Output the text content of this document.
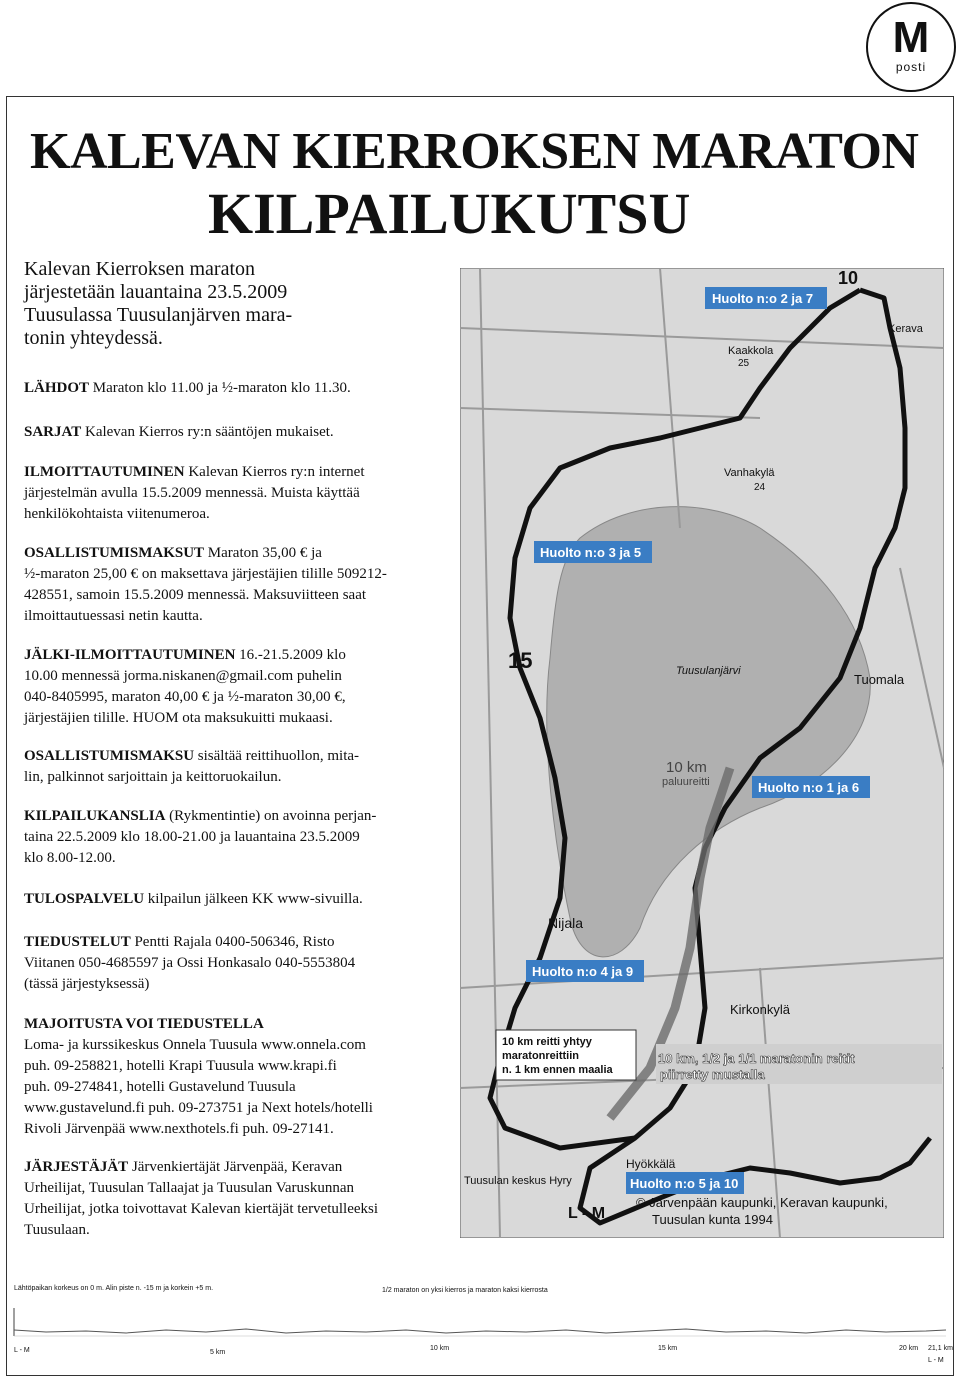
M
posti
KALEVAN KIERROKSEN MARATON
KILPAILUKUTSU
Kalevan Kierroksen maraton
järjestetään lauantaina 23.5.2009
Tuusulassa Tuusulanjärven mara-
tonin yhteydessä.
LÄHDOT Maraton klo 11.00 ja ½-maraton klo 11.30.
SARJAT Kalevan Kierros ry:n sääntöjen mukaiset.
ILMOITTAUTUMINEN Kalevan Kierros ry:n internet
järjestelmän avulla 15.5.2009 mennessä. Muista käyttää
henkilökohtaista viitenumeroa.
OSALLISTUMISMAKSUT Maraton 35,00 € ja
½-maraton 25,00 € on maksettava järjestäjien tilille 509212-
428551, samoin 15.5.2009 mennessä. Maksuviitteen saat
ilmoittautuessasi netin kautta.
JÄLKI-ILMOITTAUTUMINEN 16.-21.5.2009 klo
10.00 mennessä jorma.niskanen@gmail.com puhelin
040-8405995, maraton 40,00 € ja ½-maraton 30,00 €,
järjestäjien tilille. HUOM ota maksukuitti mukaasi.
OSALLISTUMISMAKSU sisältää reittihuollon, mita-
lin, palkinnot sarjoittain ja keittoruokailun.
KILPAILUKANSLIA (Rykmentintie) on avoinna perjan-
taina 22.5.2009 klo 18.00-21.00 ja lauantaina 23.5.2009
klo 8.00-12.00.
TULOSPALVELU kilpailun jälkeen KK www-sivuilla.
TIEDUSTELUT Pentti Rajala 0400-506346, Risto
Viitanen 050-4685597 ja Ossi Honkasalo 040-5553804
(tässä järjestyksessä)
MAJOITUSTA VOI TIEDUSTELLA
Loma- ja kurssikeskus Onnela Tuusula www.onnela.com
puh. 09-258821, hotelli Krapi Tuusula www.krapi.fi
puh. 09-274841, hotelli Gustavelund Tuusula
www.gustavelund.fi puh. 09-273751 ja Next hotels/hotelli
Rivoli Järvenpää www.nexthotels.fi puh. 09-27141.
JÄRJESTÄJÄT Järvenkiertäjät Järvenpää, Keravan
Urheilijat, Tuusulan Tallaajat ja Tuusulan Varuskunnan
Urheilijat, jotka toivottavat Kalevan kiertäjät tervetulleeksi
Tuusulaan.
Huolto n:o 2 ja 7
Huolto n:o 3 ja 5
Huolto n:o 1 ja 6
Huolto n:o 4 ja 9
Huolto n:o 5 ja 10
10 km reitti yhtyy
maratonreittiin
n. 1 km ennen maalia
Kerava
Kaakkola
25
Vanhakylä
24
Tuusulanjärvi
Tuomala
15
10
10 km
paluureitti
Nijala
Kirkonkylä
Tuusulan keskus Hyry
Hyökkälä
L - M
10 km, 1/2 ja 1/1 maratonin reitit
piirretty mustalla
© Järvenpään kaupunki, Keravan kaupunki,
Tuusulan kunta 1994
Lähtöpaikan korkeus on 0 m. Alin piste n. -15 m ja korkein +5 m.	1/2 maraton on yksi kierros ja maraton kaksi kierrosta
L - M	5 km
10 km	15 km	20 km 21,1 km
L - M
